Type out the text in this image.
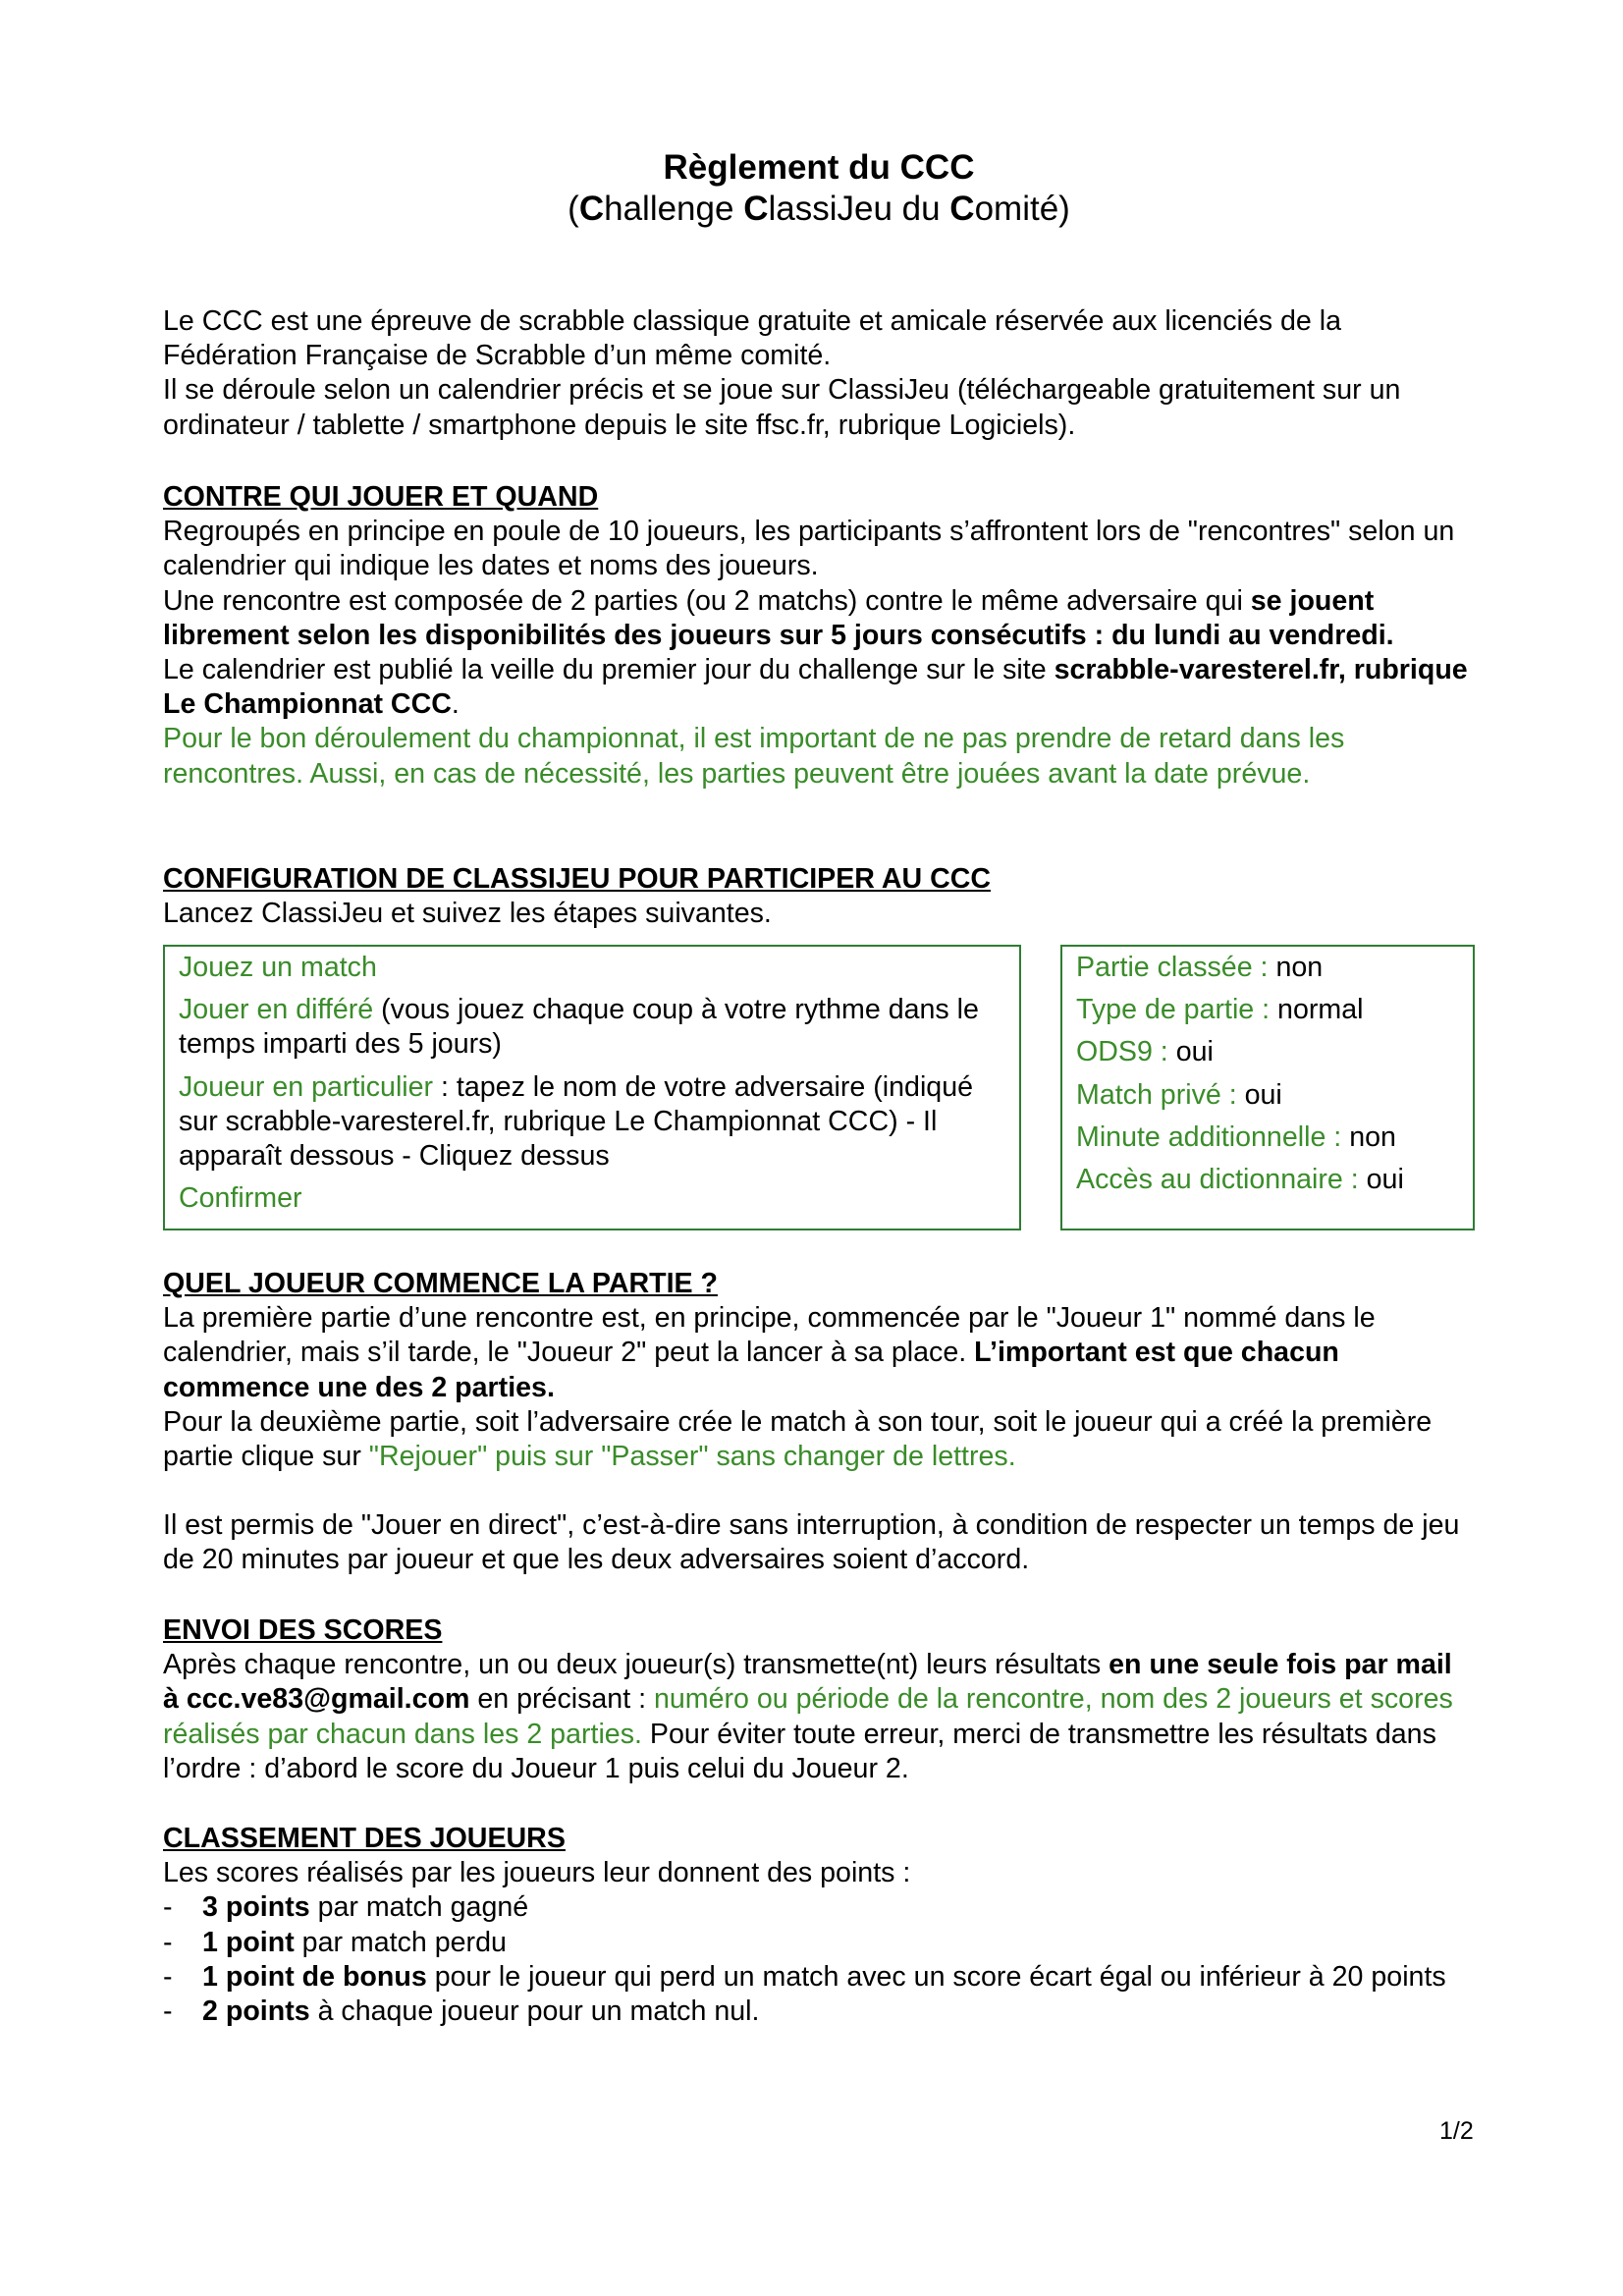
Règlement du CCC
(Challenge ClassiJeu du Comité)

Le CCC est une épreuve de scrabble classique gratuite et amicale réservée aux licenciés de la Fédération Française de Scrabble d’un même comité.

Il se déroule selon un calendrier précis et se joue sur ClassiJeu (téléchargeable gratuitement sur un ordinateur / tablette / smartphone depuis le site ffsc.fr, rubrique Logiciels).

CONTRE QUI JOUER ET QUAND

Regroupés en principe en poule de 10 joueurs, les participants s’affrontent lors de "rencontres" selon un calendrier qui indique les dates et noms des joueurs.

Une rencontre est composée de 2 parties (ou 2 matchs) contre le même adversaire qui se jouent librement selon les disponibilités des joueurs sur 5 jours consécutifs : du lundi au vendredi.

Le calendrier est publié la veille du premier jour du challenge sur le site scrabble-varesterel.fr, rubrique Le Championnat CCC.

Pour le bon déroulement du championnat, il est important de ne pas prendre de retard dans les rencontres. Aussi, en cas de nécessité, les parties peuvent être jouées avant la date prévue.

CONFIGURATION DE CLASSIJEU POUR PARTICIPER AU CCC

Lancez ClassiJeu et suivez les étapes suivantes.

Jouez un match
Jouer en différé (vous jouez chaque coup à votre rythme dans le temps imparti des 5 jours)
Joueur en particulier : tapez le nom de votre adversaire (indiqué sur scrabble-varesterel.fr, rubrique Le Championnat CCC) - Il apparaît dessous - Cliquez dessus
Confirmer
Partie classée : non
Type de partie : normal
ODS9 : oui
Match privé : oui
Minute additionnelle : non
Accès au dictionnaire : oui

QUEL JOUEUR COMMENCE LA PARTIE ?

La première partie d’une rencontre est, en principe, commencée par le "Joueur 1" nommé dans le calendrier, mais s’il tarde, le "Joueur 2" peut la lancer à sa place. L’important est que chacun commence une des 2 parties.

Pour la deuxième partie, soit l’adversaire crée le match à son tour, soit le joueur qui a créé la première partie clique sur "Rejouer" puis sur "Passer" sans changer de lettres.

Il est permis de "Jouer en direct", c’est-à-dire sans interruption, à condition de respecter un temps de jeu de 20 minutes par joueur et que les deux adversaires soient d’accord.

ENVOI DES SCORES

Après chaque rencontre, un ou deux joueur(s) transmette(nt) leurs résultats en une seule fois par mail à ccc.ve83@gmail.com en précisant : numéro ou période de la rencontre, nom des 2 joueurs et scores réalisés par chacun dans les 2 parties. Pour éviter toute erreur, merci de transmettre les résultats dans l’ordre : d’abord le score du Joueur 1 puis celui du Joueur 2.

CLASSEMENT DES JOUEURS

Les scores réalisés par les joueurs leur donnent des points :

- 3 points par match gagné
- 1 point par match perdu
- 1 point de bonus pour le joueur qui perd un match avec un score écart égal ou inférieur à 20 points
- 2 points à chaque joueur pour un match nul.
1/2
